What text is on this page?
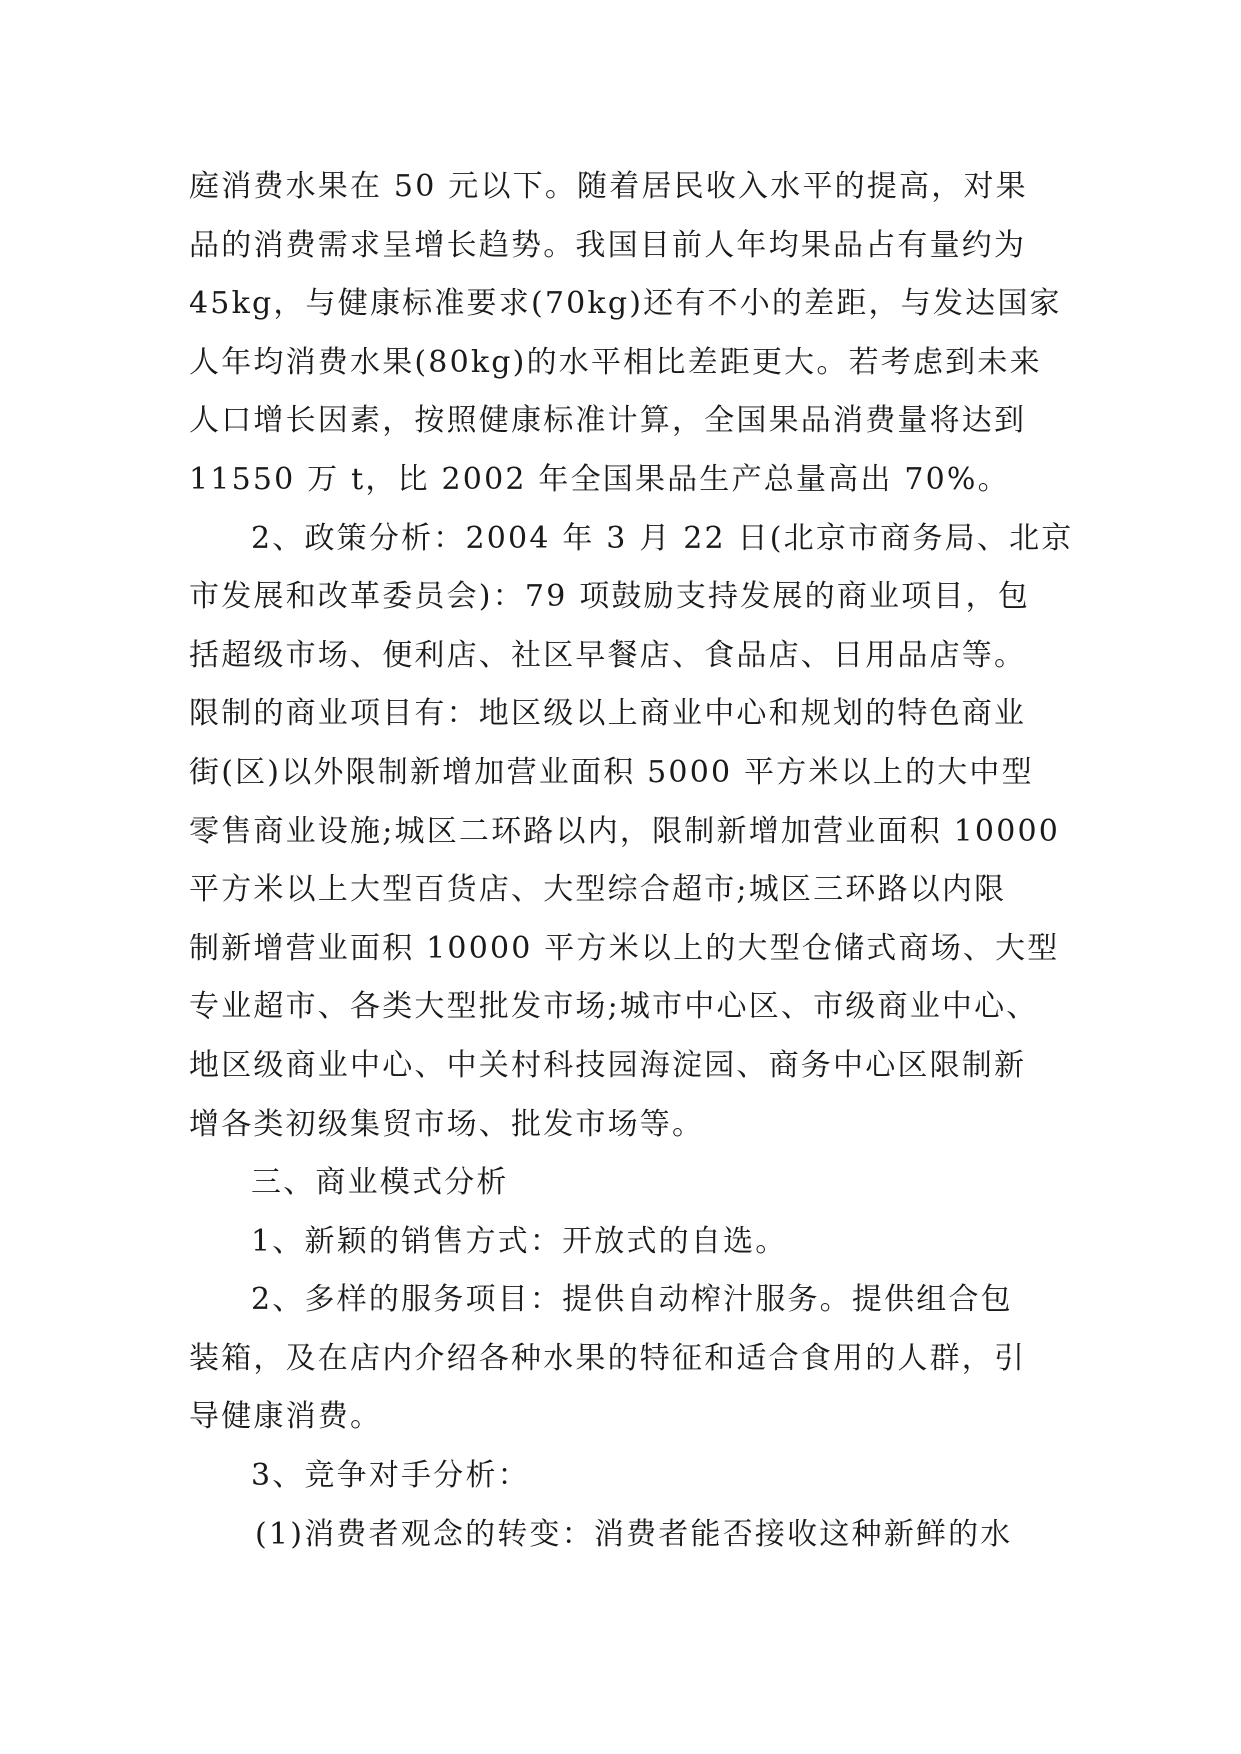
庭消费水果在 50 元以下。随着居民收入水平的提高，对果
品的消费需求呈增长趋势。我国目前人年均果品占有量约为
45kg，与健康标准要求(70kg)还有不小的差距，与发达国家
人年均消费水果(80kg)的水平相比差距更大。若考虑到未来
人口增长因素，按照健康标准计算，全国果品消费量将达到
11550 万 t，比 2002 年全国果品生产总量高出 70%。
2、政策分析：2004 年 3 月 22 日(北京市商务局、北京
市发展和改革委员会)：79 项鼓励支持发展的商业项目，包
括超级市场、便利店、社区早餐店、食品店、日用品店等。
限制的商业项目有：地区级以上商业中心和规划的特色商业
街(区)以外限制新增加营业面积 5000 平方米以上的大中型
零售商业设施;城区二环路以内，限制新增加营业面积 10000
平方米以上大型百货店、大型综合超市;城区三环路以内限
制新增营业面积 10000 平方米以上的大型仓储式商场、大型
专业超市、各类大型批发市场;城市中心区、市级商业中心、
地区级商业中心、中关村科技园海淀园、商务中心区限制新
增各类初级集贸市场、批发市场等。
三、商业模式分析
1、新颖的销售方式：开放式的自选。
2、多样的服务项目：提供自动榨汁服务。提供组合包
装箱，及在店内介绍各种水果的特征和适合食用的人群，引
导健康消费。
3、竞争对手分析：
(1)消费者观念的转变：消费者能否接收这种新鲜的水
